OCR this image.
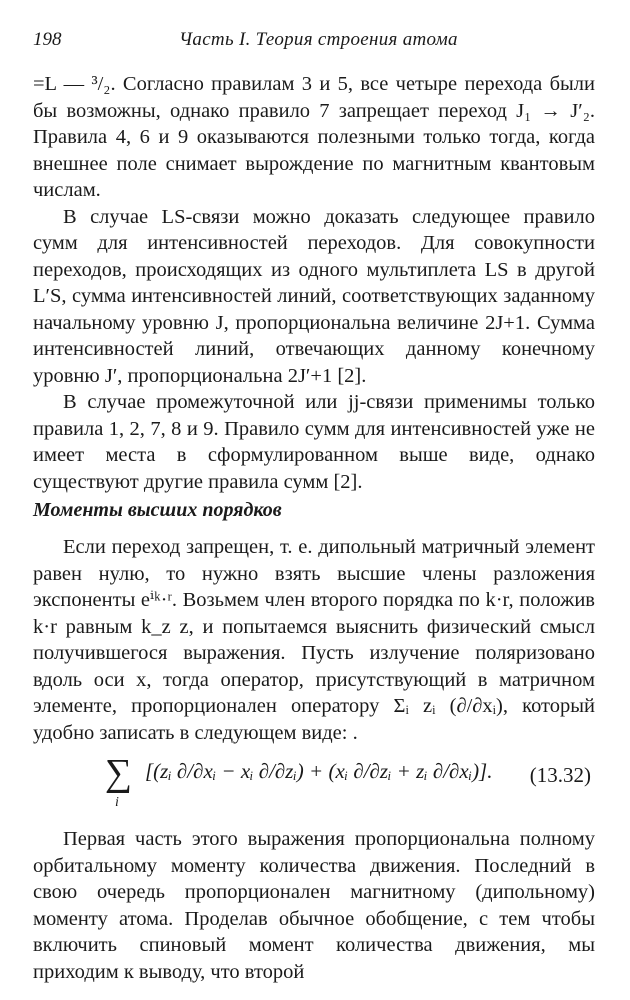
198	Часть I. Теория строения атома

=L — ³/₂. Согласно правилам 3 и 5, все четыре перехода были бы возможны, однако правило 7 запрещает переход J₁ → J′₂. Правила 4, 6 и 9 оказываются полезными только тогда, когда внешнее поле снимает вырождение по магнитным квантовым числам.

В случае LS-связи можно доказать следующее правило сумм для интенсивностей переходов. Для совокупности переходов, происходящих из одного мультиплета LS в другой L′S, сумма интенсивностей линий, соответствующих заданному начальному уровню J, пропорциональна величине 2J+1. Сумма интенсивностей линий, отвечающих данному конечному уровню J′, пропорциональна 2J′+1 [2].

В случае промежуточной или jj-связи применимы только правила 1, 2, 7, 8 и 9. Правило сумм для интенсивностей уже не имеет места в сформулированном выше виде, однако существуют другие правила сумм [2].

Моменты высших порядков

Если переход запрещен, т. е. дипольный матричный элемент равен нулю, то нужно взять высшие члены разложения экспоненты eⁱᵏ·ʳ. Возьмем член второго порядка по k·r, положив k·r равным k_z z, и попытаемся выяснить физический смысл получившегося выражения. Пусть излучение поляризовано вдоль оси x, тогда оператор, присутствующий в матричном элементе, пропорционален оператору Σᵢ zᵢ (∂/∂xᵢ), который удобно записать в следующем виде: .

∑
i
[(zᵢ ∂/∂xᵢ − xᵢ ∂/∂zᵢ) + (xᵢ ∂/∂zᵢ + zᵢ ∂/∂xᵢ)]. (13.32)

Первая часть этого выражения пропорциональна полному орбитальному моменту количества движения. Последний в свою очередь пропорционален магнитному (дипольному) моменту атома. Проделав обычное обобщение, с тем чтобы включить спиновый момент количества движения, мы приходим к выводу, что второй
